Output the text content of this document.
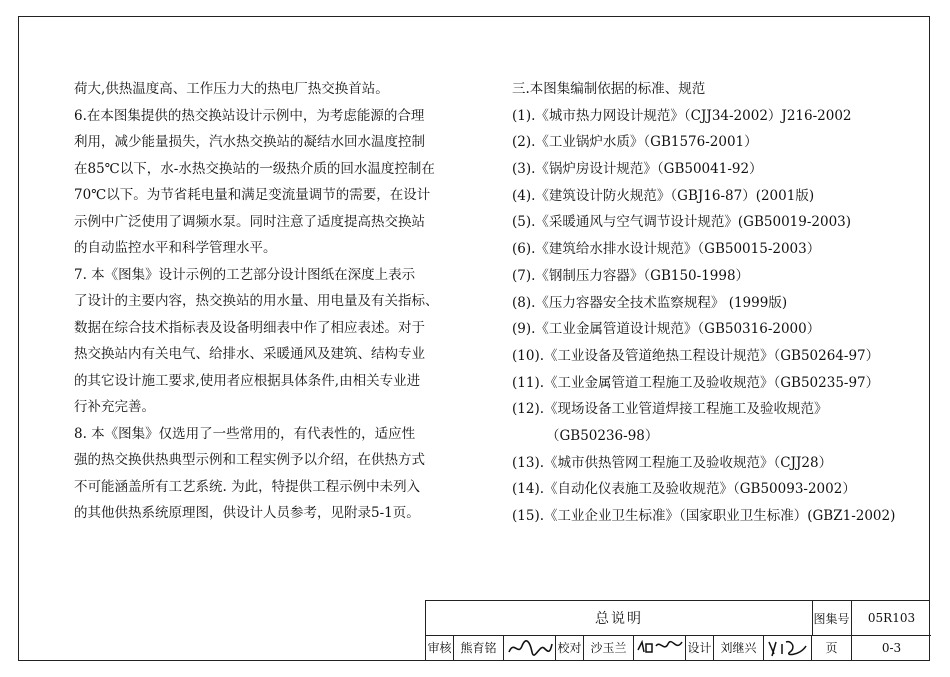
荷大,供热温度高、工作压力大的热电厂热交换首站。
6.在本图集提供的热交换站设计示例中，为考虑能源的合理
利用，减少能量损失，汽水热交换站的凝结水回水温度控制
在85℃以下，水-水热交换站的一级热介质的回水温度控制在
70℃以下。为节省耗电量和满足变流量调节的需要，在设计
示例中广泛使用了调频水泵。同时注意了适度提高热交换站
的自动监控水平和科学管理水平。
7. 本《图集》设计示例的工艺部分设计图纸在深度上表示
了设计的主要内容，热交换站的用水量、用电量及有关指标、
数据在综合技术指标表及设备明细表中作了相应表述。对于
热交换站内有关电气、给排水、采暖通风及建筑、结构专业
的其它设计施工要求,使用者应根据具体条件,由相关专业进
行补充完善。
8. 本《图集》仅选用了一些常用的，有代表性的，适应性
强的热交换供热典型示例和工程实例予以介绍，在供热方式
不可能涵盖所有工艺系统. 为此，特提供工程示例中未列入
的其他供热系统原理图，供设计人员参考，见附录5-1页。
三.本图集编制依据的标准、规范
(1).《城市热力网设计规范》（CJJ34-2002）J216-2002
(2).《工业锅炉水质》（GB1576-2001）
(3).《锅炉房设计规范》（GB50041-92）
(4).《建筑设计防火规范》（GBJ16-87）(2001版)
(5).《采暖通风与空气调节设计规范》(GB50019-2003)
(6).《建筑给水排水设计规范》（GB50015-2003）
(7).《钢制压力容器》（GB150-1998）
(8).《压力容器安全技术监察规程》 (1999版)
(9).《工业金属管道设计规范》（GB50316-2000）
(10).《工业设备及管道绝热工程设计规范》（GB50264-97）
(11).《工业金属管道工程施工及验收规范》（GB50235-97）
(12).《现场设备工业管道焊接工程施工及验收规范》
（GB50236-98）
(13).《城市供热管网工程施工及验收规范》（CJJ28）
(14).《自动化仪表施工及验收规范》（GB50093-2002）
(15).《工业企业卫生标准》（国家职业卫生标准）(GBZ1-2002)
总说明	图集号	05R103
审核 熊育铭	校对 沙玉兰	设计 刘继兴	页	0-3
